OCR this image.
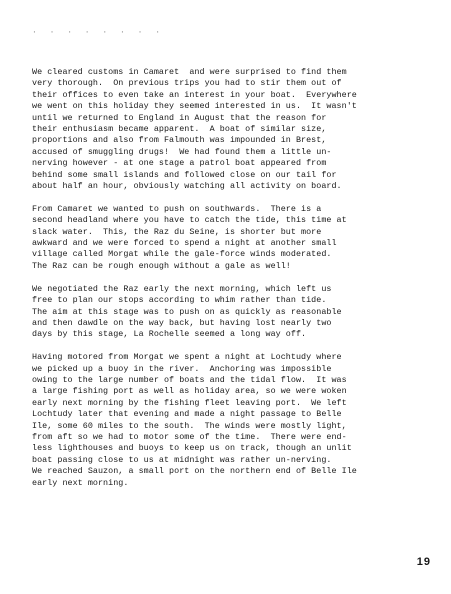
· · · · · · · ·

We cleared customs in Camaret  and were surprised to find them
very thorough.  On previous trips you had to stir them out of
their offices to even take an interest in your boat.  Everywhere
we went on this holiday they seemed interested in us.  It wasn't
until we returned to England in August that the reason for
their enthusiasm became apparent.  A boat of similar size,
proportions and also from Falmouth was impounded in Brest,
accused of smuggling drugs!  We had found them a little un-
nerving however - at one stage a patrol boat appeared from
behind some small islands and followed close on our tail for
about half an hour, obviously watching all activity on board.

From Camaret we wanted to push on southwards.  There is a
second headland where you have to catch the tide, this time at
slack water.  This, the Raz du Seine, is shorter but more
awkward and we were forced to spend a night at another small
village called Morgat while the gale-force winds moderated.
The Raz can be rough enough without a gale as well!

We negotiated the Raz early the next morning, which left us
free to plan our stops according to whim rather than tide.
The aim at this stage was to push on as quickly as reasonable
and then dawdle on the way back, but having lost nearly two
days by this stage, La Rochelle seemed a long way off.

Having motored from Morgat we spent a night at Lochtudy where
we picked up a buoy in the river.  Anchoring was impossible
owing to the large number of boats and the tidal flow.  It was
a large fishing port as well as holiday area, so we were woken
early next morning by the fishing fleet leaving port.  We left
Lochtudy later that evening and made a night passage to Belle
Ile, some 60 miles to the south.  The winds were mostly light,
from aft so we had to motor some of the time.  There were end-
less lighthouses and buoys to keep us on track, though an unlit
boat passing close to us at midnight was rather un-nerving.
We reached Sauzon, a small port on the northern end of Belle Ile
early next morning.

19
